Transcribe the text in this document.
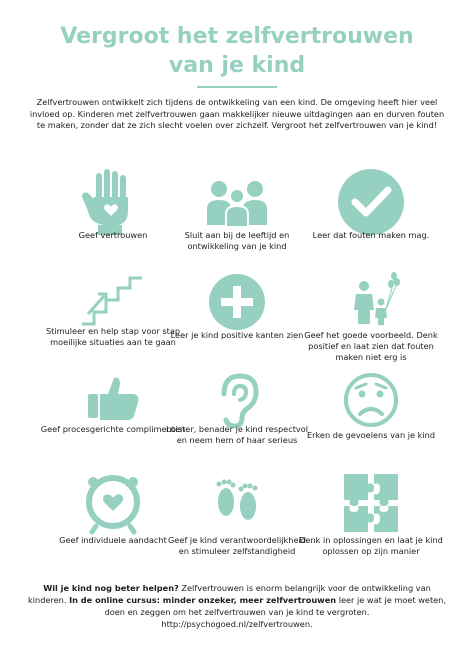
Vergroot het zelfvertrouwen
van je kind

Zelfvertrouwen ontwikkelt zich tijdens de ontwikkeling van een kind. De omgeving heeft hier veel invloed op. Kinderen met zelfvertrouwen gaan makkelijker nieuwe uitdagingen aan en durven fouten te maken, zonder dat ze zich slecht voelen over zichzelf. Vergroot het zelfvertrouwen van je kind!

Geef vertrouwen	Sluit aan bij de leeftijd en ontwikkeling van je kind
Leer dat fouten maken mag.
Stimuleer en help stap voor stap moeilijke situaties aan te gaan
Leer je kind positive kanten zien Geef het goede voorbeeld. Denk positief en laat zien dat fouten maken niet erg is
Geef procesgerichte complimenten
Luister, benader je kind respectvol en neem hem of haar serieus	Erken de gevoelens van je kind
Geef individuele aandacht Geef je kind verantwoordelijkheid en stimuleer zelfstandigheid
Denk in oplossingen en laat je kind oplossen op zijn manier

Wil je kind nog beter helpen? Zelfvertrouwen is enorm belangrijk voor de ontwikkeling van kinderen. In de online cursus: minder onzeker, meer zelfvertrouwen leer je wat je moet weten, doen en zeggen om het zelfvertrouwen van je kind te vergroten.
http://psychogoed.nl/zelfvertrouwen.
